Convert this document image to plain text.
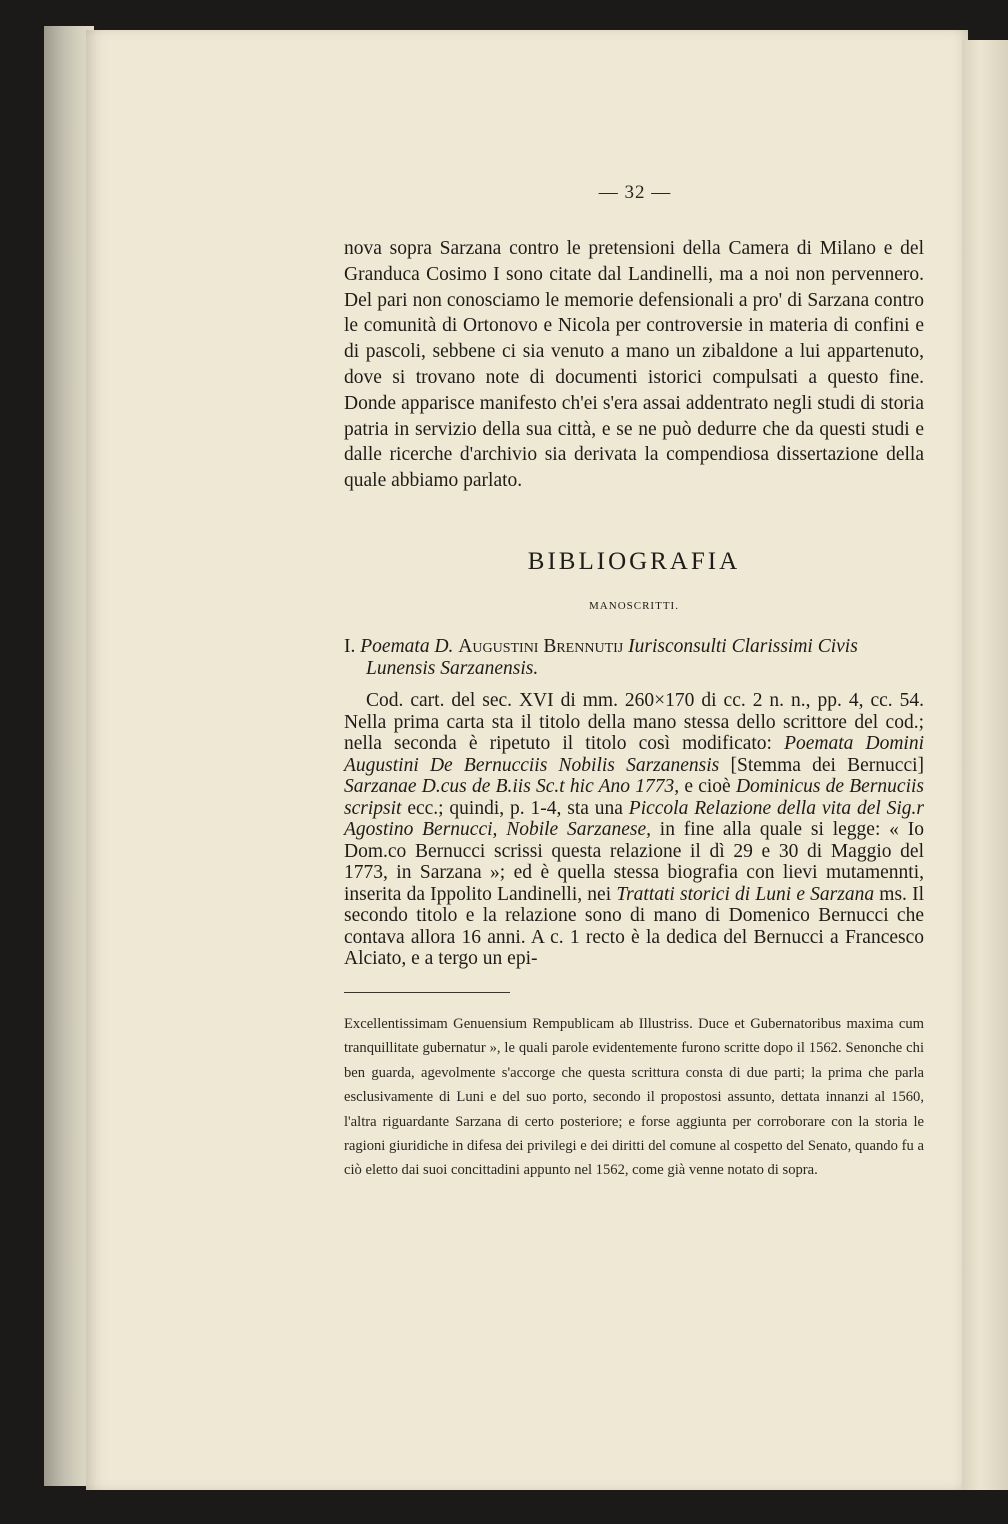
— 32 —

nova sopra Sarzana contro le pretensioni della Camera di Milano e del Granduca Cosimo I sono citate dal Landinelli, ma a noi non pervennero. Del pari non conosciamo le memorie defensionali a pro' di Sarzana contro le comunità di Ortonovo e Nicola per controversie in materia di confini e di pascoli, sebbene ci sia venuto a mano un zibaldone a lui appartenuto, dove si trovano note di documenti istorici compulsati a questo fine. Donde apparisce manifesto ch'ei s'era assai addentrato negli studi di storia patria in servizio della sua città, e se ne può dedurre che da questi studi e dalle ricerche d'archivio sia derivata la compendiosa dissertazione della quale abbiamo parlato.

BIBLIOGRAFIA
MANOSCRITTI.
I. Poemata D. Augustini Brennutij Iurisconsulti Clarissimi Civis
Lunensis Sarzanensis.

Cod. cart. del sec. XVI di mm. 260×170 di cc. 2 n. n., pp. 4, cc. 54. Nella prima carta sta il titolo della mano stessa dello scrittore del cod.; nella seconda è ripetuto il titolo così modificato: Poemata Domini Augustini De Bernucciis Nobilis Sarzanensis [Stemma dei Bernucci] Sarzanae D.cus de B.iis Sc.t hic Ano 1773, e cioè Dominicus de Bernuciis scripsit ecc.; quindi, p. 1-4, sta una Piccola Relazione della vita del Sig.r Agostino Bernucci, Nobile Sarzanese, in fine alla quale si legge: « Io Dom.co Bernucci scrissi questa relazione il dì 29 e 30 di Maggio del 1773, in Sarzana »; ed è quella stessa biografia con lievi mutamennti, inserita da Ippolito Landinelli, nei Trattati storici di Luni e Sarzana ms. Il secondo titolo e la relazione sono di mano di Domenico Bernucci che contava allora 16 anni. A c. 1 recto è la dedica del Bernucci a Francesco Alciato, e a tergo un epi-

Excellentissimam Genuensium Rempublicam ab Illustriss. Duce et Gubernatoribus maxima cum tranquillitate gubernatur », le quali parole evidentemente furono scritte dopo il 1562. Senonche chi ben guarda, agevolmente s'accorge che questa scrittura consta di due parti; la prima che parla esclusivamente di Luni e del suo porto, secondo il propostosi assunto, dettata innanzi al 1560, l'altra riguardante Sarzana di certo posteriore; e forse aggiunta per corroborare con la storia le ragioni giuridiche in difesa dei privilegi e dei diritti del comune al cospetto del Senato, quando fu a ciò eletto dai suoi concittadini appunto nel 1562, come già venne notato di sopra.
